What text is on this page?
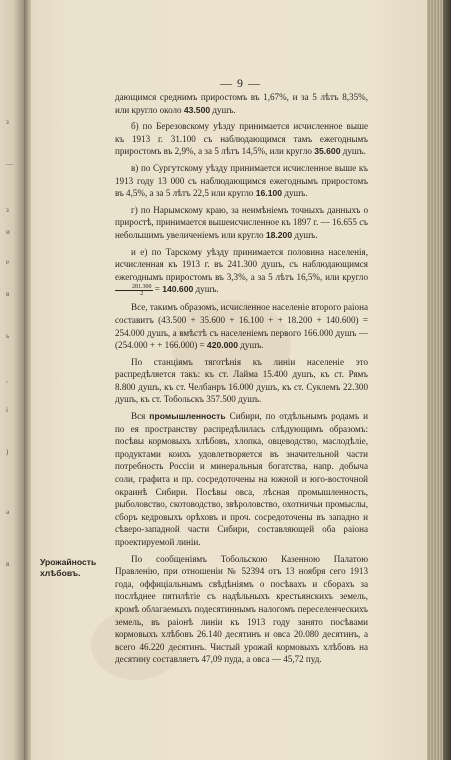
з
—
з
и
е
в
ь
,
i
)
а
в
— 9 —
Урожайность хлѣбовъ.

дающимся среднимъ приростомъ въ 1,67%, и за 5 лѣтъ 8,35%, или кругло около 43.500 душъ.

б) по Березовскому уѣзду принимается исчисленное выше къ 1913 г. 31.100 съ наблюдающимся тамъ ежегоднымъ приростомъ въ 2,9%, а за 5 лѣтъ 14,5%, или кругло 35.600 душъ.

в) по Сургутскому уѣзду принимается исчисленное выше къ 1913 году 13 000 съ наблюдающимся ежегоднымъ приростомъ въ 4,5%, а за 5 лѣтъ 22,5 или кругло 16.100 душъ.

г) по Нарымскому краю, за неимѣніемъ точныхъ данныхъ о приростѣ, принимается вышеисчисленное къ 1897 г. — 16.655 съ небольшимъ увеличеніемъ или кругло 18.200 душъ.

и е) по Тарскому уѣзду принимается половина населенія, исчисленная къ 1913 г. въ 241.300 душъ, съ наблюдающимся ежегоднымъ приростомъ въ 3,3%, а за 5 лѣтъ 16,5%, или кругло
$\frac{281.300}{2} = 140.600$ душъ.

Все, такимъ образомъ, исчисленное населеніе второго раіона составитъ (43.500 + 35.600 + 16.100 + + 18.200 + 140.600) = 254.000 душъ, а вмѣстѣ съ населеніемъ первого 166.000 душъ — (254.000 + + 166.000) = 420.000 душъ.

По станціямъ тяготѣнія къ линіи населеніе это распредѣляется такъ: къ ст. Лайма 15.400 душъ, къ ст. Рямъ 8.800 душъ, къ ст. Челбанръ 16.000 душъ, къ ст. Суклемъ 22.300 душъ, къ ст. Тобольскъ 357.500 душъ.

Вся промышленность Сибири, по отдѣльнымъ родамъ и по ея пространству распредѣлилась слѣдующимъ образомъ: посѣвы кормовыхъ хлѣбовъ, хлопка, овцеводство, маслодѣліе, продуктами коихъ удовлетворяется въ значительной части потребность Россіи и минеральныя богатства, напр. добыча соли, графита и пр. сосредоточены на южной и юго-восточной окраинѣ Сибири. Посѣвы овса, лѣсная промышленность, рыболовство, скотоводство, звѣроловство, охотничьи промыслы, сборъ кедровыхъ орѣховъ и проч. сосредоточены въ западно и сѣверо-западной части Сибири, составляющей оба раіона проектируемой линіи.

По сообщеніямъ Тобольскою Казенною Палатою Правленію, при отношеніи № 52394 отъ 13 ноября сего 1913 года, оффиціальнымъ свѣдѣніямъ о посѣвахъ и сборахъ за послѣднее пятилѣтіе съ надѣльныхъ крестьянскихъ земель, кромѣ облагаемыхъ подесятиннымъ налогомъ переселенческихъ земель, въ раіонѣ линіи къ 1913 году занято посѣвами кормовыхъ хлѣбовъ 26.140 десятинъ и овса 20.080 десятинъ, а всего 46.220 десятинъ. Чистый урожай кормовыхъ хлѣбовъ на десятину составляетъ 47,09 пуда, а овса — 45,72 пуд.
